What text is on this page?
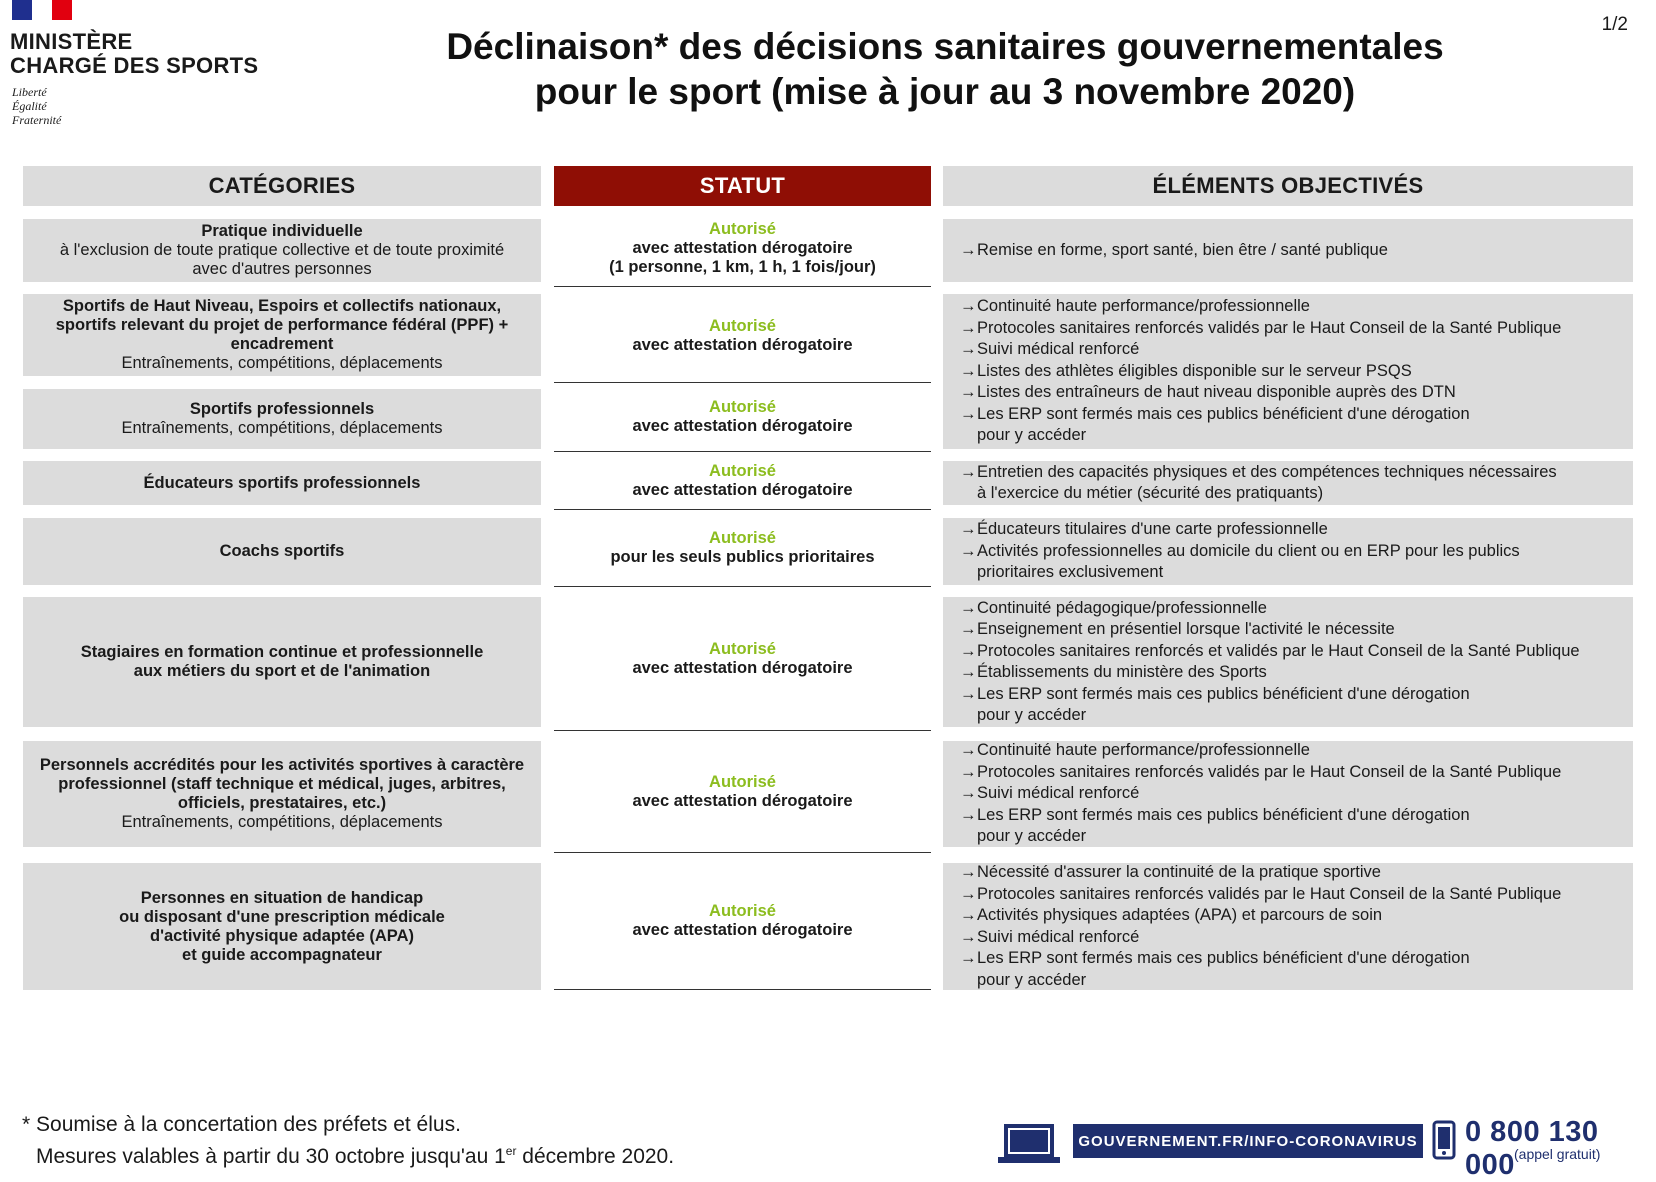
MINISTÈRE
CHARGÉ DES SPORTS
Liberté
Égalité
Fraternité
1/2
Déclinaison* des décisions sanitaires gouvernementales
pour le sport (mise à jour au 3 novembre 2020)
CATÉGORIES	STATUT	ÉLÉMENTS OBJECTIVÉS
Pratique individuelle
à l'exclusion de toute pratique collective et de toute proximité
avec d'autres personnes
Autorisé
avec attestation dérogatoire
(1 personne, 1 km, 1 h, 1 fois/jour)
Sportifs de Haut Niveau, Espoirs et collectifs nationaux,
sportifs relevant du projet de performance fédéral (PPF) +
encadrement
Entraînements, compétitions, déplacements
Autorisé
avec attestation dérogatoire
Sportifs professionnels
Entraînements, compétitions, déplacements
Autorisé
avec attestation dérogatoire
Éducateurs sportifs professionnels
Autorisé
avec attestation dérogatoire
Coachs sportifs
Autorisé
pour les seuls publics prioritaires
Stagiaires en formation continue et professionnelle
aux métiers du sport et de l'animation
Autorisé
avec attestation dérogatoire
Personnels accrédités pour les activités sportives à caractère
professionnel (staff technique et médical, juges, arbitres,
officiels, prestataires, etc.)
Entraînements, compétitions, déplacements
Autorisé
avec attestation dérogatoire
Personnes en situation de handicap
ou disposant d'une prescription médicale
d'activité physique adaptée (APA)
et guide accompagnateur
Autorisé
avec attestation dérogatoire
→ Remise en forme, sport santé, bien être / santé publique
→ Continuité haute performance/professionnelle
→ Protocoles sanitaires renforcés validés par le Haut Conseil de la Santé Publique
→ Suivi médical renforcé
→ Listes des athlètes éligibles disponible sur le serveur PSQS
→ Listes des entraîneurs de haut niveau disponible auprès des DTN
→ Les ERP sont fermés mais ces publics bénéficient d'une dérogation
pour y accéder
→ Entretien des capacités physiques et des compétences techniques nécessaires
à l'exercice du métier (sécurité des pratiquants)
→ Éducateurs titulaires d'une carte professionnelle
→ Activités professionnelles au domicile du client ou en ERP pour les publics
prioritaires exclusivement
→ Continuité pédagogique/professionnelle
→ Enseignement en présentiel lorsque l'activité le nécessite
→ Protocoles sanitaires renforcés et validés par le Haut Conseil de la Santé Publique
→ Établissements du ministère des Sports
→ Les ERP sont fermés mais ces publics bénéficient d'une dérogation
pour y accéder
→ Continuité haute performance/professionnelle
→ Protocoles sanitaires renforcés validés par le Haut Conseil de la Santé Publique
→ Suivi médical renforcé
→ Les ERP sont fermés mais ces publics bénéficient d'une dérogation
pour y accéder
→ Nécessité d'assurer la continuité de la pratique sportive
→ Protocoles sanitaires renforcés validés par le Haut Conseil de la Santé Publique
→ Activités physiques adaptées (APA) et parcours de soin
→ Suivi médical renforcé
→ Les ERP sont fermés mais ces publics bénéficient d'une dérogation
pour y accéder
* Soumise à la concertation des préfets et élus.
Mesures valables à partir du 30 octobre jusqu'au 1er décembre 2020.
GOUVERNEMENT.FR/INFO-CORONAVIRUS 0 800 130 000 (appel gratuit)
